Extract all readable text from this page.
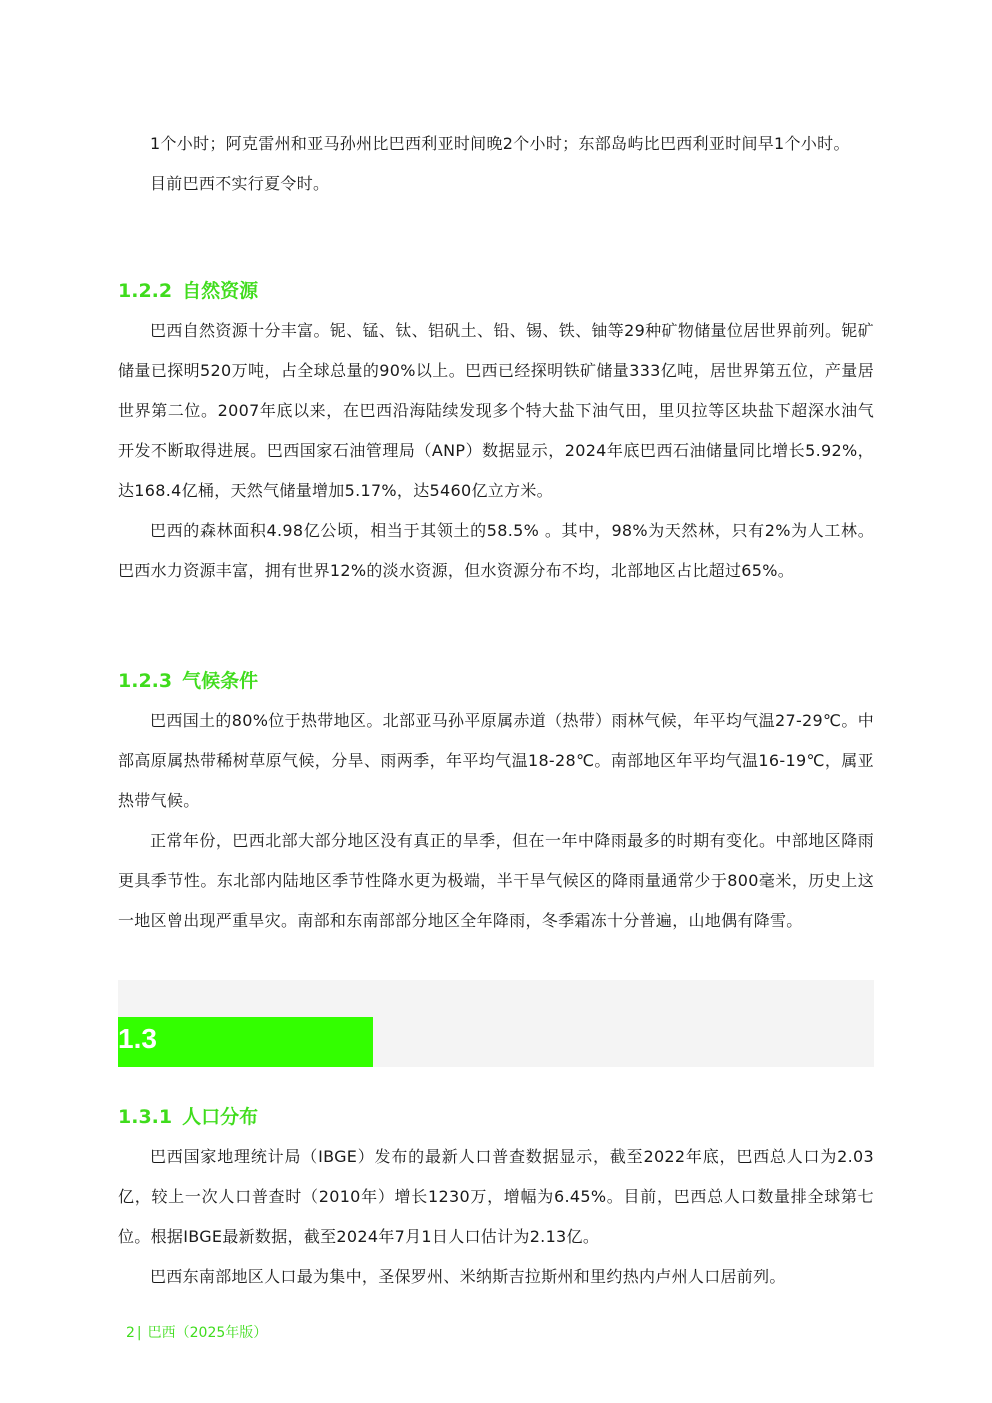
1个小时；阿克雷州和亚马孙州比巴西利亚时间晚2个小时；东部岛屿比巴西利亚时间早1个小时。

目前巴西不实行夏令时。

1.2.2 自然资源

巴西自然资源十分丰富。铌、锰、钛、铝矾土、铅、锡、铁、铀等29种矿物储量位居世界前列。铌矿储量已探明520万吨，占全球总量的90%以上。巴西已经探明铁矿储量333亿吨，居世界第五位，产量居世界第二位。2007年底以来，在巴西沿海陆续发现多个特大盐下油气田，里贝拉等区块盐下超深水油气开发不断取得进展。巴西国家石油管理局（ANP）数据显示，2024年底巴西石油储量同比增长5.92%，达168.4亿桶，天然气储量增加5.17%，达5460亿立方米。

巴西的森林面积4.98亿公顷，相当于其领土的58.5% 。其中，98%为天然林，只有2%为人工林。巴西水力资源丰富，拥有世界12%的淡水资源，但水资源分布不均，北部地区占比超过65%。

1.2.3 气候条件

巴西国土的80%位于热带地区。北部亚马孙平原属赤道（热带）雨林气候，年平均气温27-29℃。中部高原属热带稀树草原气候，分旱、雨两季，年平均气温18-28℃。南部地区年平均气温16-19℃，属亚热带气候。

正常年份，巴西北部大部分地区没有真正的旱季，但在一年中降雨最多的时期有变化。中部地区降雨更具季节性。东北部内陆地区季节性降水更为极端，半干旱气候区的降雨量通常少于800毫米，历史上这一地区曾出现严重旱灾。南部和东南部部分地区全年降雨，冬季霜冻十分普遍，山地偶有降雪。

1.3.1 人口分布

巴西国家地理统计局（IBGE）发布的最新人口普查数据显示，截至2022年底，巴西总人口为2.03亿，较上一次人口普查时（2010年）增长1230万，增幅为6.45%。目前，巴西总人口数量排全球第七位。根据IBGE最新数据，截至2024年7月1日人口估计为2.13亿。

巴西东南部地区人口最为集中，圣保罗州、米纳斯吉拉斯州和里约热内卢州人口居前列。

1.3
2 | 巴西（2025年版）
